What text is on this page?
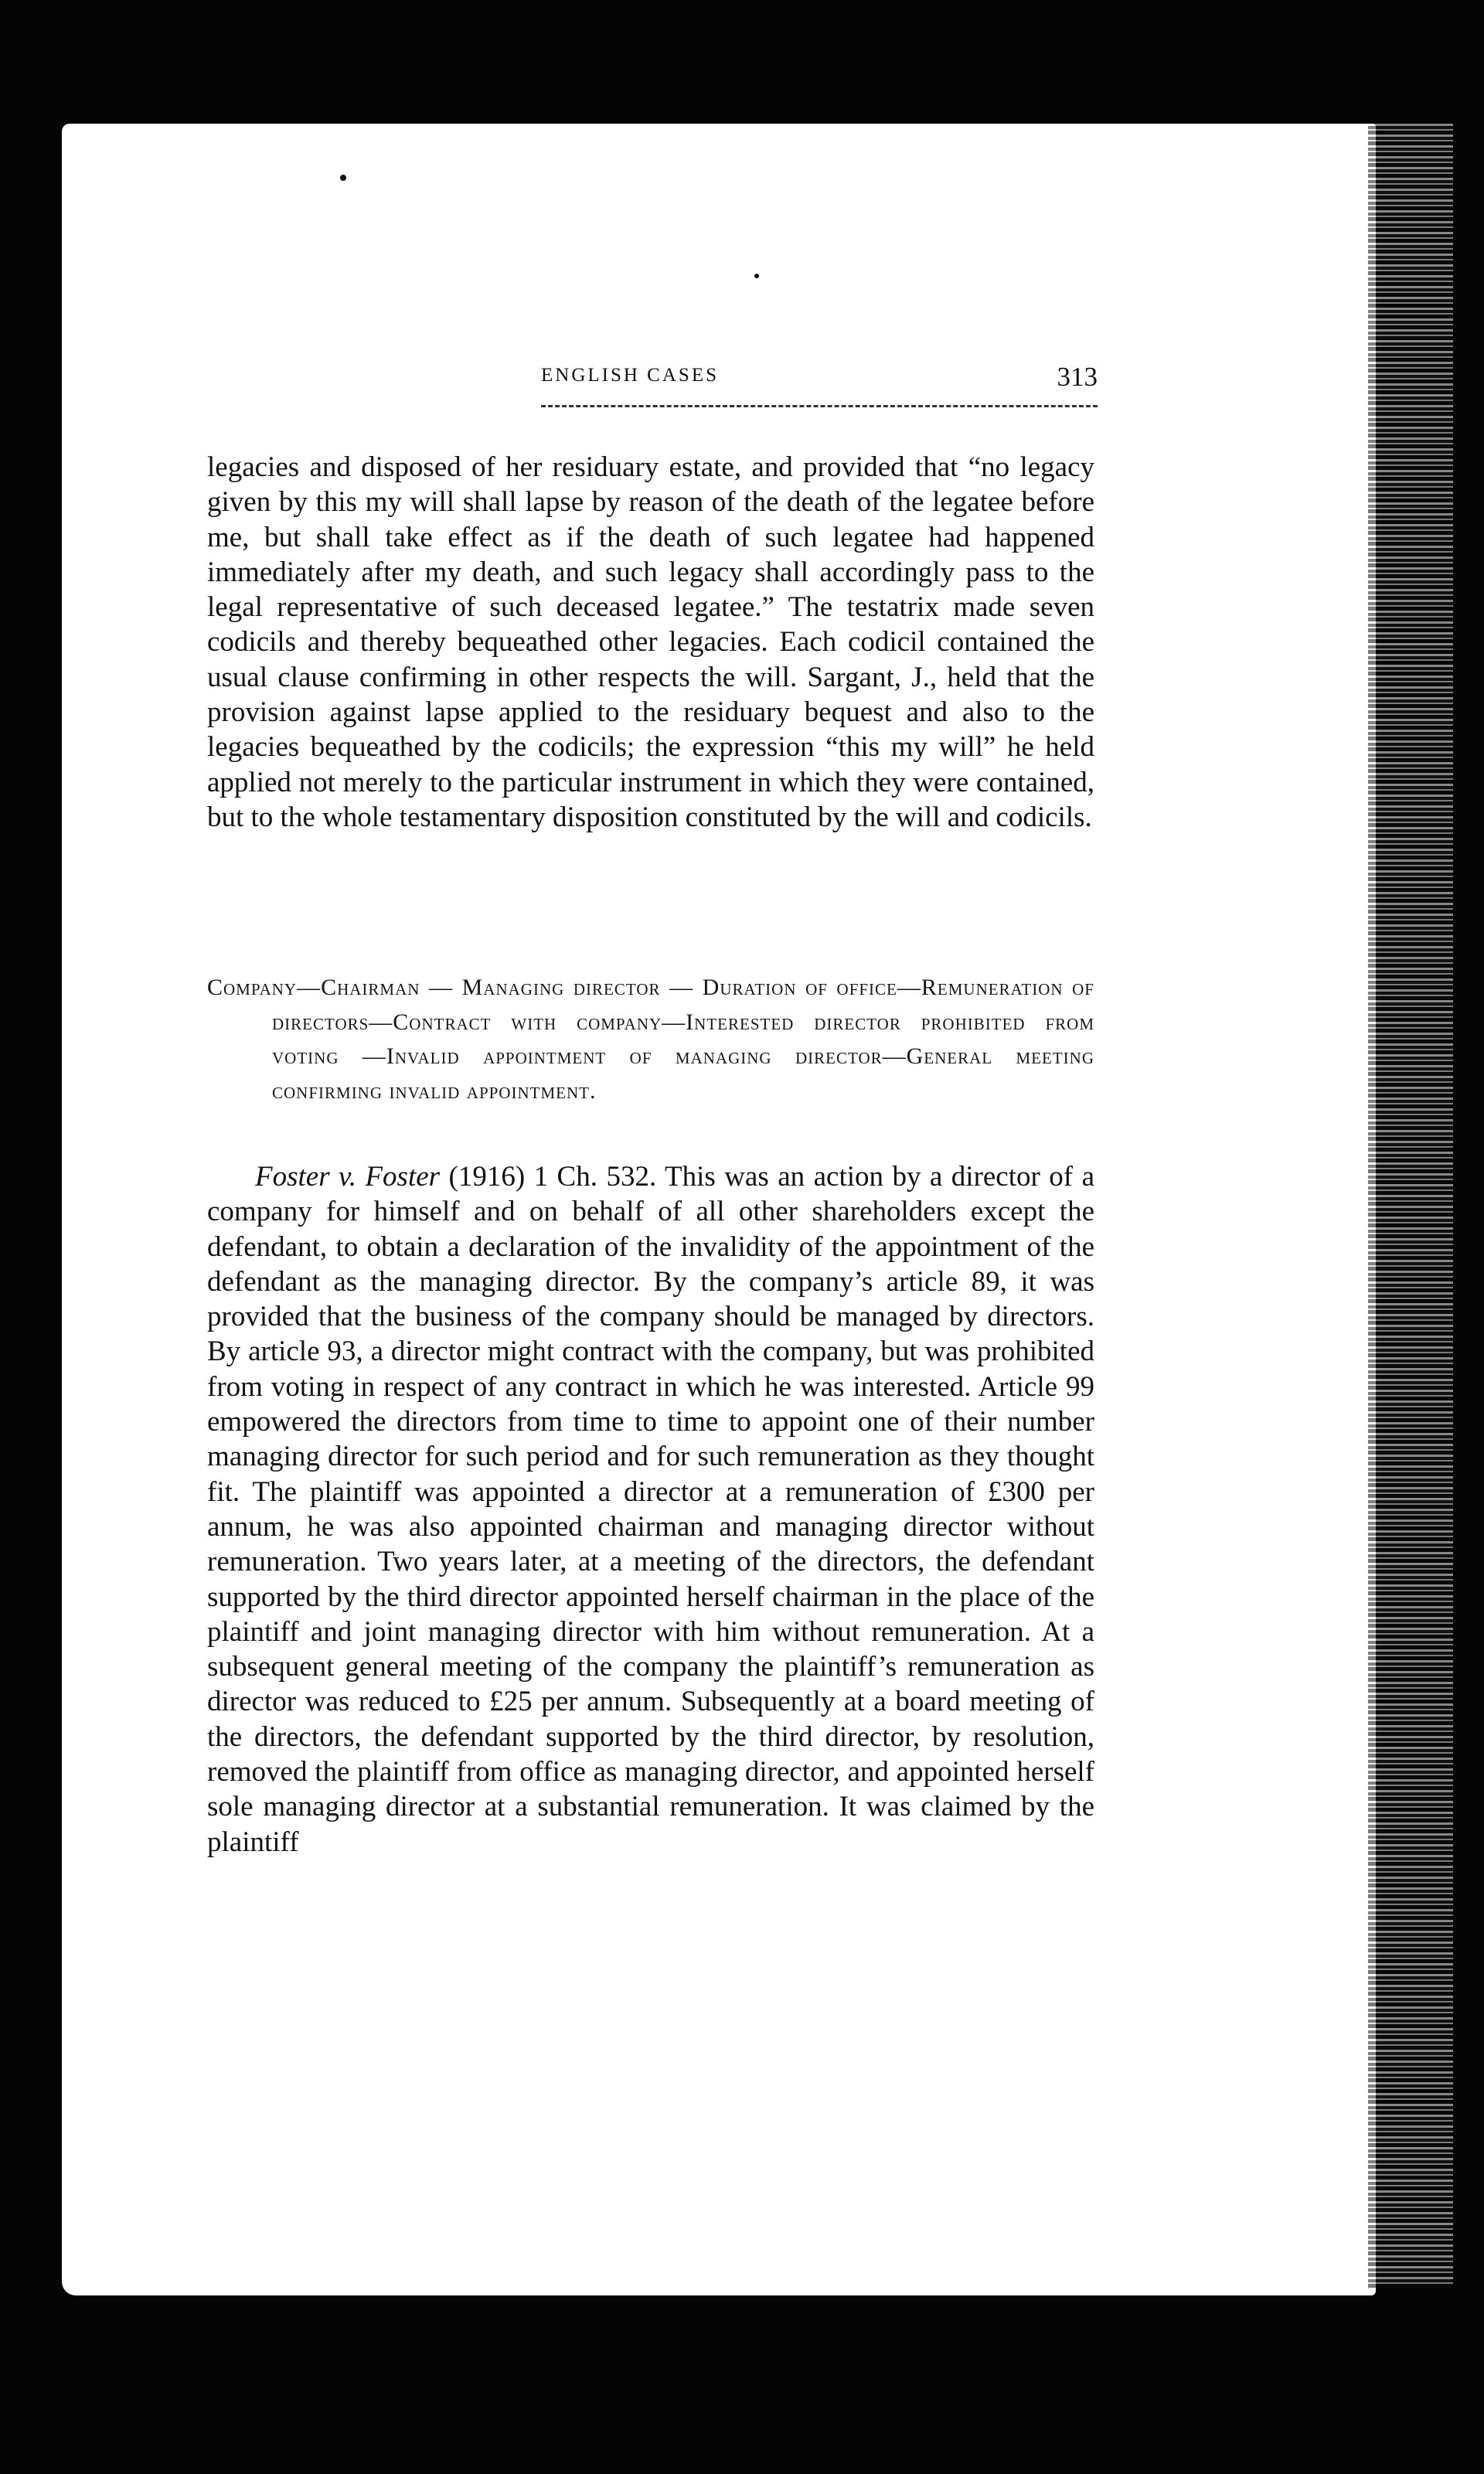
ENGLISH CASES	313

legacies and disposed of her residuary estate, and provided that “no legacy given by this my will shall lapse by reason of the death of the legatee before me, but shall take effect as if the death of such legatee had happened immediately after my death, and such legacy shall accordingly pass to the legal representative of such deceased legatee.” The testatrix made seven codicils and thereby bequeathed other legacies. Each codicil contained the usual clause confirming in other respects the will. Sargant, J., held that the provision against lapse applied to the residuary bequest and also to the legacies bequeathed by the codicils; the expression “this my will” he held applied not merely to the particular instrument in which they were contained, but to the whole testamentary disposition constituted by the will and codicils.

Company—Chairman — Managing director — Duration of office—Remuneration of directors—Contract with company—Interested director prohibited from voting —Invalid appointment of managing director—General meeting confirming invalid appointment.

Foster v. Foster (1916) 1 Ch. 532. This was an action by a director of a company for himself and on behalf of all other shareholders except the defendant, to obtain a declaration of the invalidity of the appointment of the defendant as the managing director. By the company’s article 89, it was provided that the business of the company should be managed by directors. By article 93, a director might contract with the company, but was prohibited from voting in respect of any contract in which he was interested. Article 99 empowered the directors from time to time to appoint one of their number managing director for such period and for such remuneration as they thought fit. The plaintiff was appointed a director at a remuneration of £300 per annum, he was also appointed chairman and managing director without remuneration. Two years later, at a meeting of the directors, the defendant supported by the third director appointed herself chairman in the place of the plaintiff and joint managing director with him without remuneration. At a subsequent general meeting of the company the plaintiff’s remuneration as director was reduced to £25 per annum. Subsequently at a board meeting of the directors, the defendant supported by the third director, by resolution, removed the plaintiff from office as managing director, and appointed herself sole managing director at a substantial remuneration. It was claimed by the plaintiff
